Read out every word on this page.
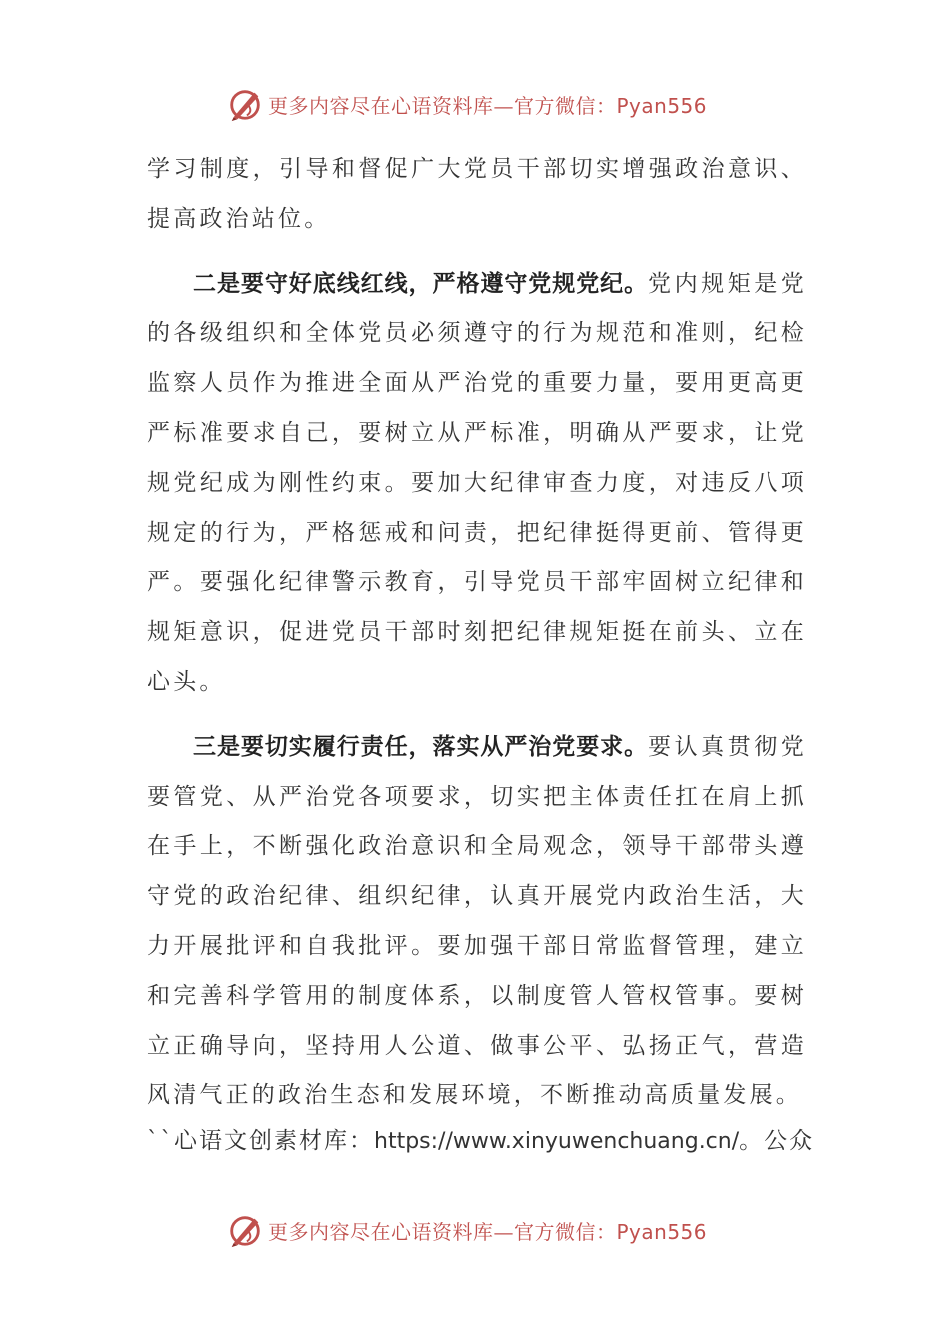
更多内容尽在心语资料库—官方微信：Pyan556

学习制度，引导和督促广大党员干部切实增强政治意识、提高政治站位。

二是要守好底线红线，严格遵守党规党纪。党内规矩是党的各级组织和全体党员必须遵守的行为规范和准则，纪检监察人员作为推进全面从严治党的重要力量，要用更高更严标准要求自己，要树立从严标准，明确从严要求，让党规党纪成为刚性约束。要加大纪律审查力度，对违反八项规定的行为，严格惩戒和问责，把纪律挺得更前、管得更严。要强化纪律警示教育，引导党员干部牢固树立纪律和规矩意识，促进党员干部时刻把纪律规矩挺在前头、立在心头。

三是要切实履行责任，落实从严治党要求。要认真贯彻党要管党、从严治党各项要求，切实把主体责任扛在肩上抓在手上，不断强化政治意识和全局观念，领导干部带头遵守党的政治纪律、组织纪律，认真开展党内政治生活，大力开展批评和自我批评。要加强干部日常监督管理，建立和完善科学管用的制度体系，以制度管人管权管事。要树立正确导向，坚持用人公道、做事公平、弘扬正气，营造风清气正的政治生态和发展环境，不断推动高质量发展。

``心语文创素材库：https://www.xinyuwenchuang.cn/。公众

更多内容尽在心语资料库—官方微信：Pyan556
